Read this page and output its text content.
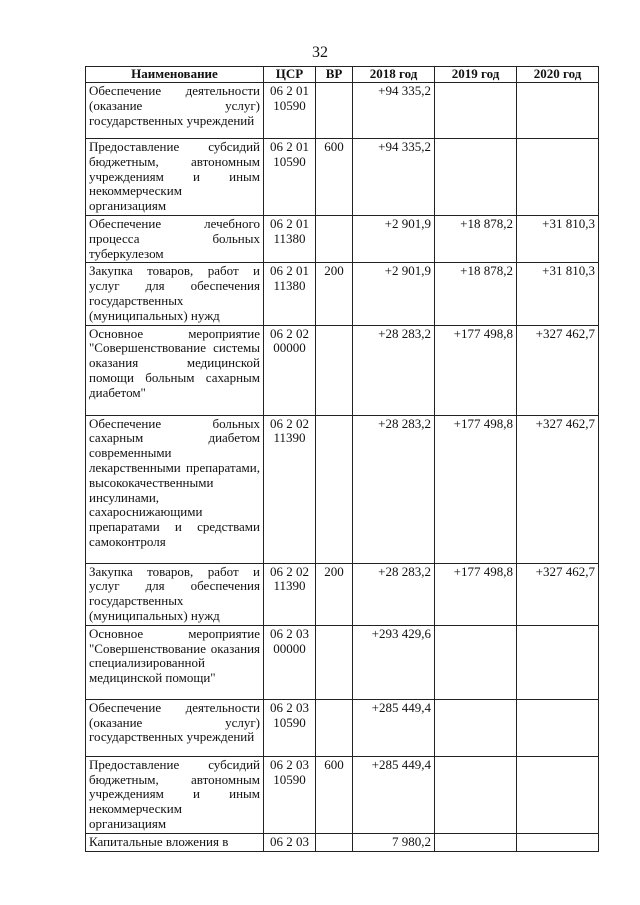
32
Наименование	ЦСР	ВР	2018 год	2019 год	2020 год
Обеспечение деятельности (оказание услуг) государственных учреждений	06 2 01 10590		+94 335,2		
Предоставление субсидий бюджетным, автономным учреждениям и иным некоммерческим организациям	06 2 01 10590	600	+94 335,2		
Обеспечение лечебного процесса больных туберкулезом	06 2 01 11380		+2 901,9	+18 878,2	+31 810,3
Закупка товаров, работ и услуг для обеспечения государственных (муниципальных) нужд	06 2 01 11380	200	+2 901,9	+18 878,2	+31 810,3
Основное мероприятие "Совершенствование системы оказания медицинской помощи больным сахарным диабетом"	06 2 02 00000		+28 283,2	+177 498,8	+327 462,7
Обеспечение больных сахарным диабетом современными лекарственными препаратами, высококачественными инсулинами, сахароснижающими препаратами и средствами самоконтроля	06 2 02 11390		+28 283,2	+177 498,8	+327 462,7
Закупка товаров, работ и услуг для обеспечения государственных (муниципальных) нужд	06 2 02 11390	200	+28 283,2	+177 498,8	+327 462,7
Основное мероприятие "Совершенствование оказания специализированной медицинской помощи"	06 2 03 00000		+293 429,6		
Обеспечение деятельности (оказание услуг) государственных учреждений	06 2 03 10590		+285 449,4		
Предоставление субсидий бюджетным, автономным учреждениям и иным некоммерческим организациям	06 2 03 10590	600	+285 449,4		
Капитальные вложения в	06 2 03		7 980,2		
